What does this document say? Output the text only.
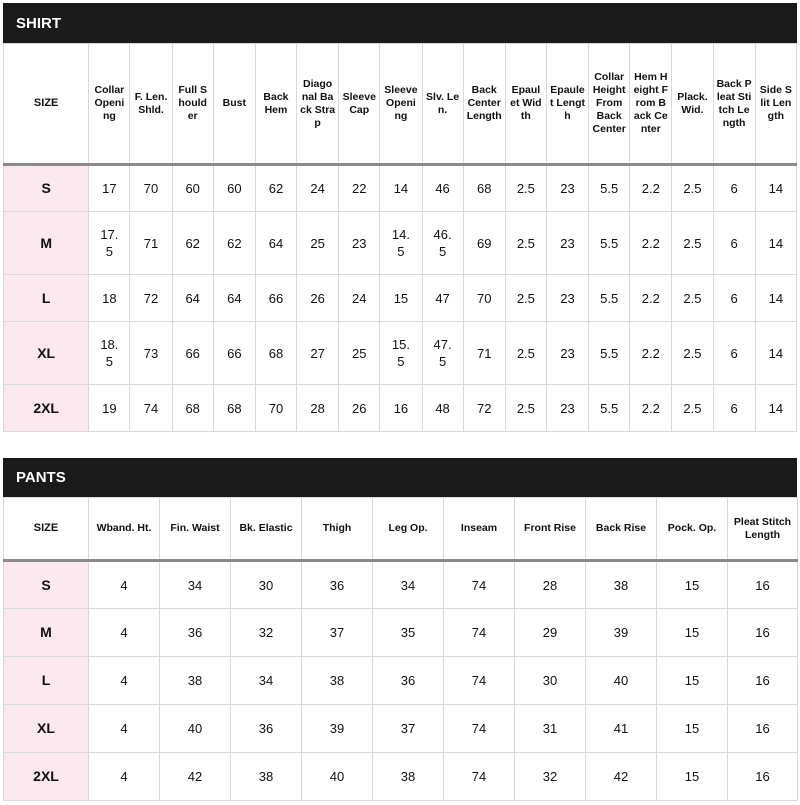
SHIRT
SIZE	Collar Opening	F. Len. Shld.	Full Shoulder	Bust	Back Hem	Diagonal Back Strap	Sleeve Cap	Sleeve Opening	Slv. Len.	Back Center Length	Epaulet Width	Epaulet Length	Collar Height From Back Center	Hem Height From Back Center	Plack. Wid.	Back Pleat Stitch Length	Side Slit Length
S	17	70	60	60	62	24	22	14	46	68	2.5	23	5.5	2.2	2.5	6	14
M	17.5	71	62	62	64	25	23	14.5	46.5	69	2.5	23	5.5	2.2	2.5	6	14
L	18	72	64	64	66	26	24	15	47	70	2.5	23	5.5	2.2	2.5	6	14
XL	18.5	73	66	66	68	27	25	15.5	47.5	71	2.5	23	5.5	2.2	2.5	6	14
2XL	19	74	68	68	70	28	26	16	48	72	2.5	23	5.5	2.2	2.5	6	14
PANTS
SIZE	Wband. Ht.	Fin. Waist	Bk. Elastic	Thigh	Leg Op.	Inseam	Front Rise	Back Rise	Pock. Op.	Pleat Stitch Length
S	4	34	30	36	34	74	28	38	15	16
M	4	36	32	37	35	74	29	39	15	16
L	4	38	34	38	36	74	30	40	15	16
XL	4	40	36	39	37	74	31	41	15	16
2XL	4	42	38	40	38	74	32	42	15	16
